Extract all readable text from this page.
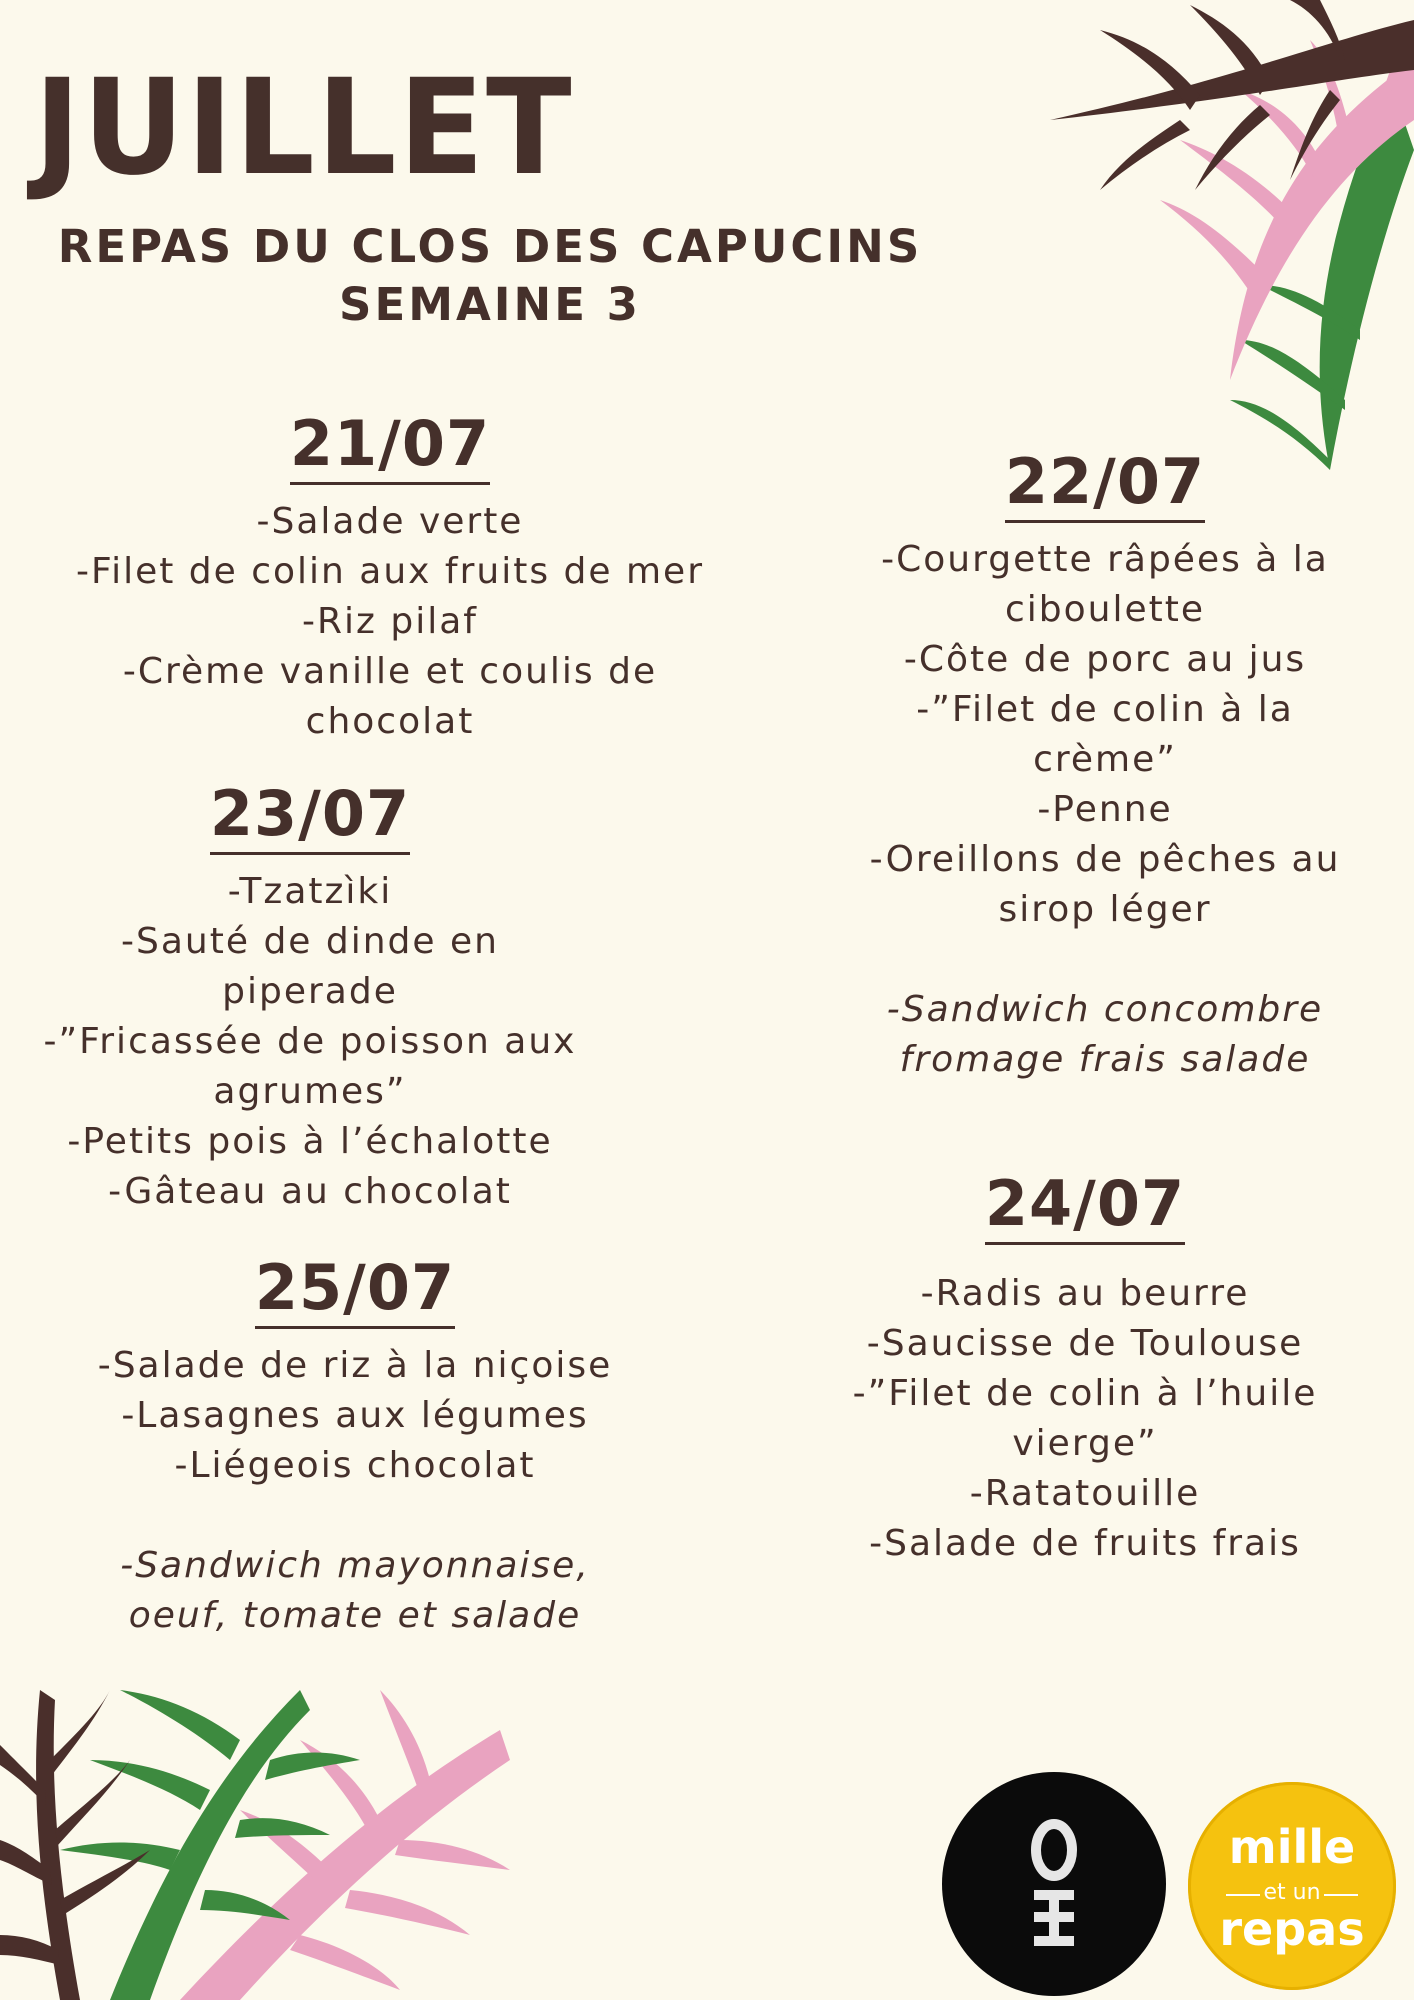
JUILLET
REPAS DU CLOS DES CAPUCINS
SEMAINE 3
21/07
-Salade verte
-Filet de colin aux fruits de mer
-Riz pilaf
-Crème vanille et coulis de
chocolat
23/07
-Tzatzìki
-Sauté de dinde en
piperade
-”Fricassée de poisson aux
agrumes”
-Petits pois à l’échalotte
-Gâteau au chocolat
25/07
-Salade de riz à la niçoise
-Lasagnes aux légumes
-Liégeois chocolat
-Sandwich mayonnaise,
oeuf, tomate et salade
22/07
-Courgette râpées à la
ciboulette
-Côte de porc au jus
-”Filet de colin à la
crème”
-Penne
-Oreillons de pêches au
sirop léger
-Sandwich concombre
fromage frais salade
24/07
-Radis au beurre
-Saucisse de Toulouse
-”Filet de colin à l’huile
vierge”
-Ratatouille
-Salade de fruits frais
mille
et un
repas
